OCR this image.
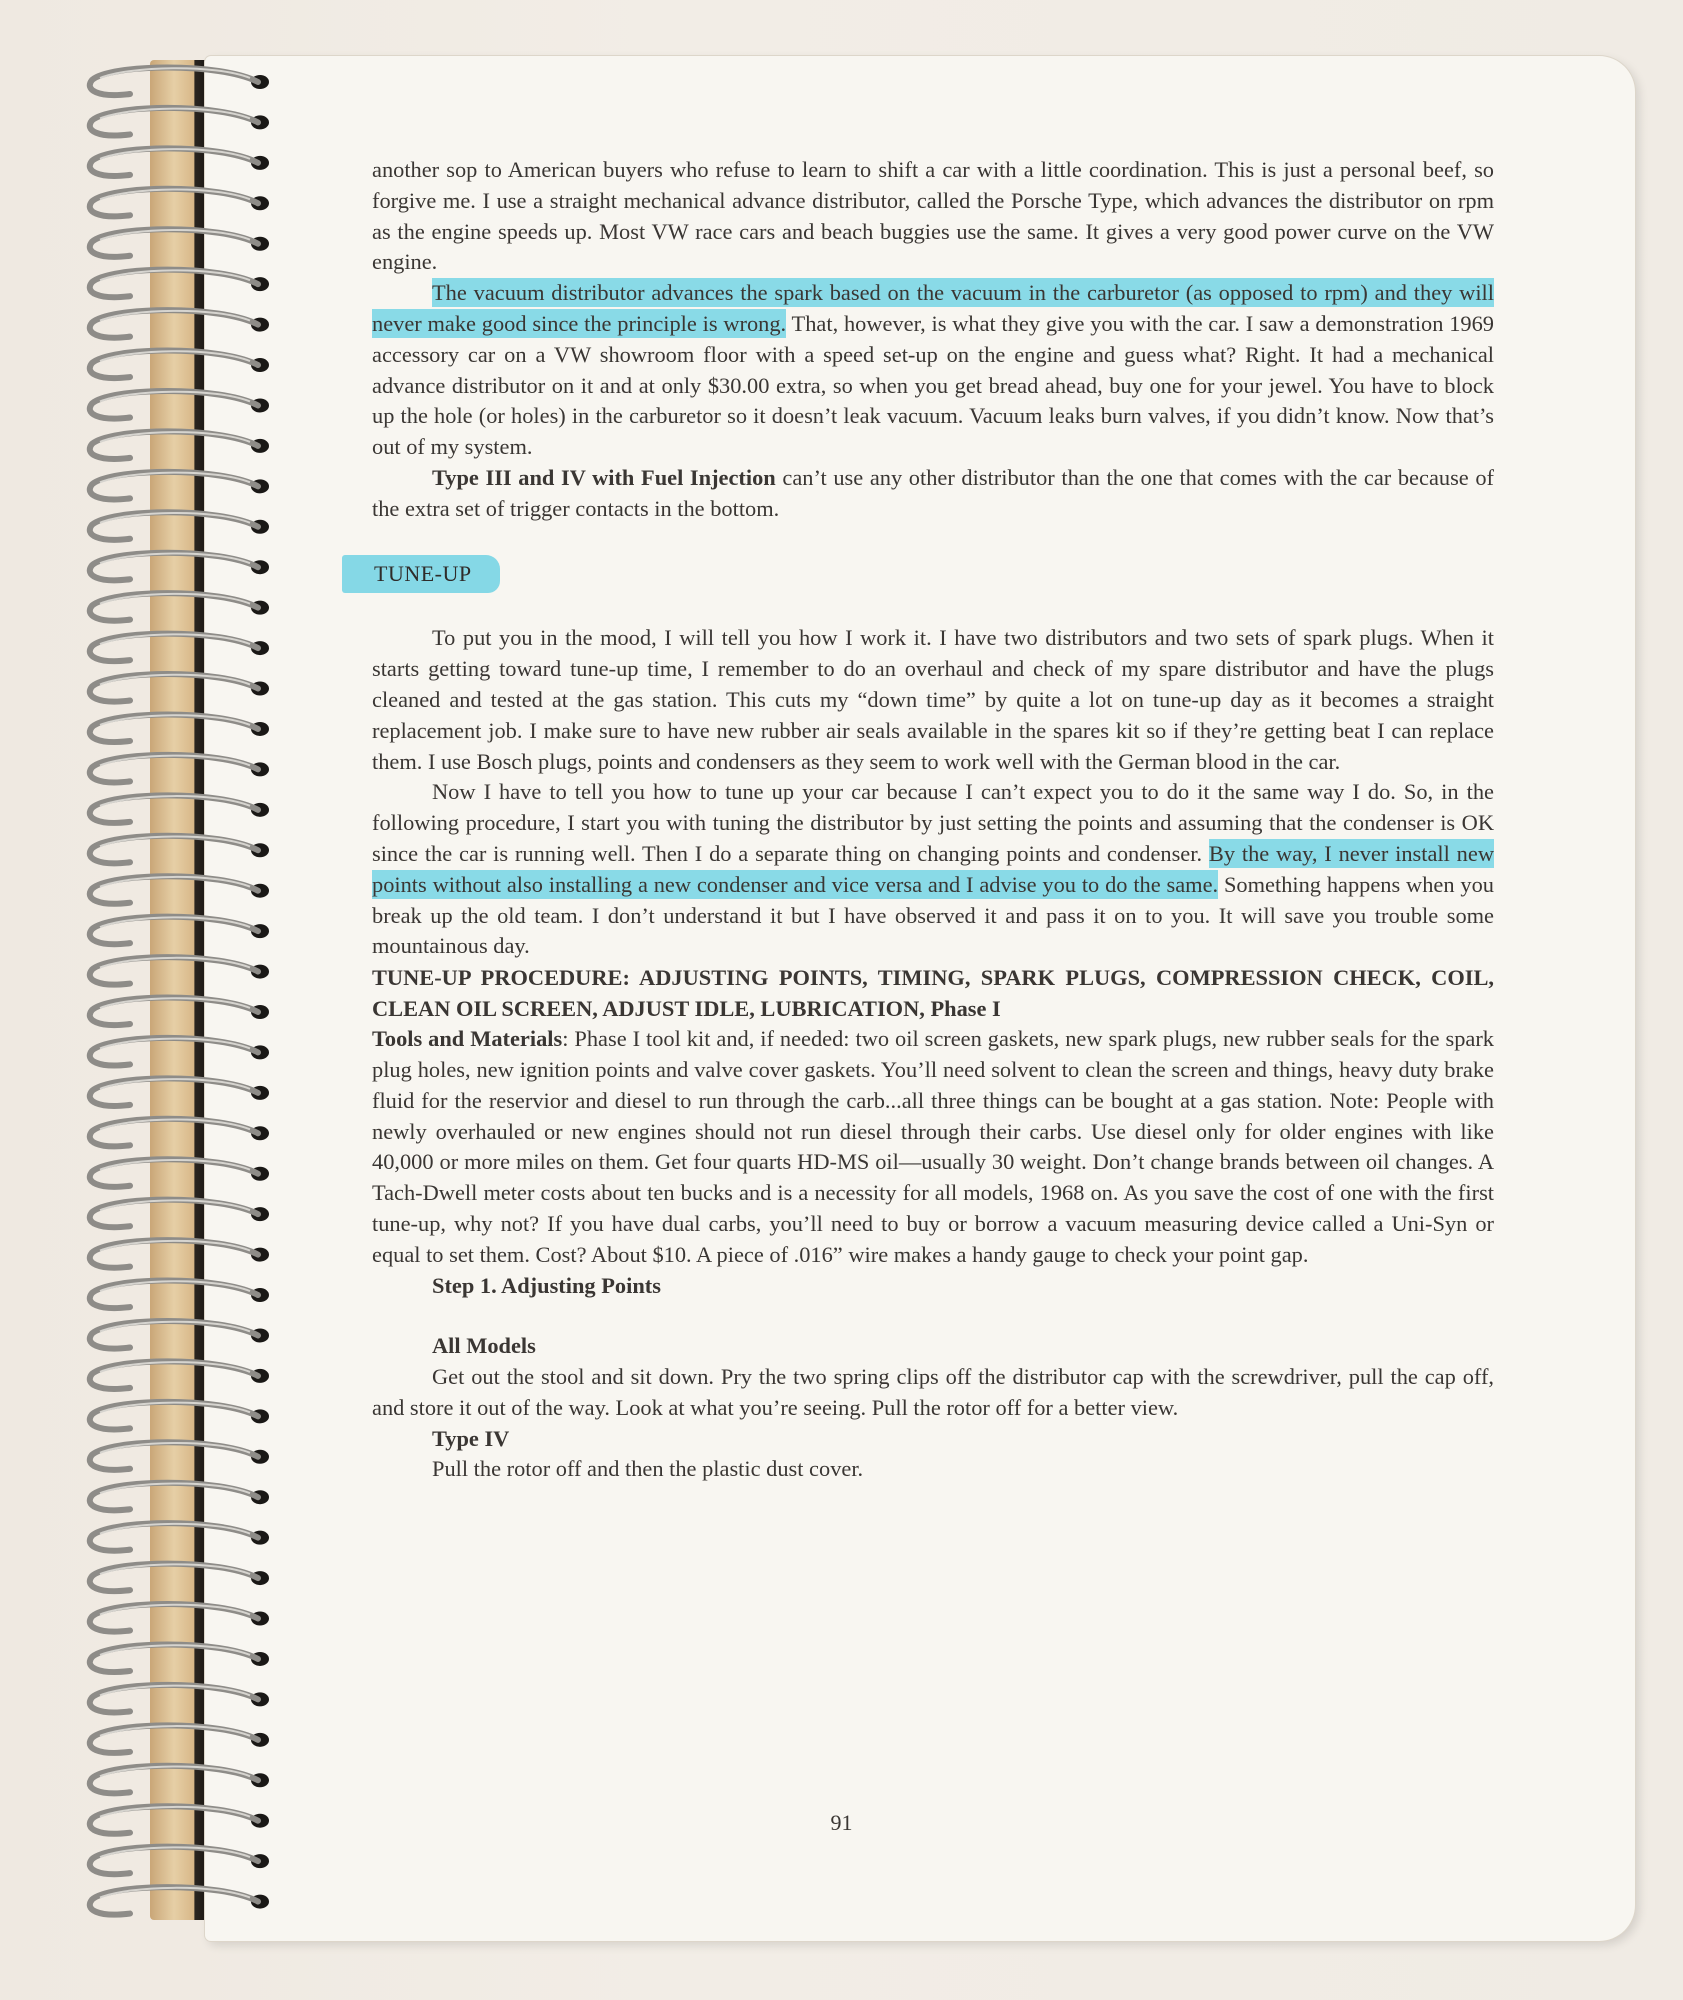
another sop to American buyers who refuse to learn to shift a car with a little coordination. This is just a personal beef, so forgive me. I use a straight mechanical advance distributor, called the Porsche Type, which advances the distributor on rpm as the engine speeds up. Most VW race cars and beach buggies use the same. It gives a very good power curve on the VW engine.

The vacuum distributor advances the spark based on the vacuum in the carburetor (as opposed to rpm) and they will never make good since the principle is wrong. That, however, is what they give you with the car. I saw a demonstration 1969 accessory car on a VW showroom floor with a speed set-up on the engine and guess what? Right. It had a mechanical advance distributor on it and at only $30.00 extra, so when you get bread ahead, buy one for your jewel. You have to block up the hole (or holes) in the carburetor so it doesn’t leak vacuum. Vacuum leaks burn valves, if you didn’t know. Now that’s out of my system.

Type III and IV with Fuel Injection can’t use any other distributor than the one that comes with the car because of the extra set of trigger contacts in the bottom.

TUNE-UP

To put you in the mood, I will tell you how I work it. I have two distributors and two sets of spark plugs. When it starts getting toward tune-up time, I remember to do an overhaul and check of my spare distributor and have the plugs cleaned and tested at the gas station. This cuts my “down time” by quite a lot on tune-up day as it becomes a straight replacement job. I make sure to have new rubber air seals available in the spares kit so if they’re getting beat I can replace them. I use Bosch plugs, points and condensers as they seem to work well with the German blood in the car.

Now I have to tell you how to tune up your car because I can’t expect you to do it the same way I do. So, in the following procedure, I start you with tuning the distributor by just setting the points and assuming that the condenser is OK since the car is running well. Then I do a separate thing on changing points and condenser. By the way, I never install new points without also installing a new condenser and vice versa and I advise you to do the same. Something happens when you break up the old team. I don’t understand it but I have observed it and pass it on to you. It will save you trouble some mountainous day.

TUNE-UP PROCEDURE: ADJUSTING POINTS, TIMING, SPARK PLUGS, COMPRESSION CHECK, COIL, CLEAN OIL SCREEN, ADJUST IDLE, LUBRICATION, Phase I

Tools and Materials: Phase I tool kit and, if needed: two oil screen gaskets, new spark plugs, new rubber seals for the spark plug holes, new ignition points and valve cover gaskets. You’ll need solvent to clean the screen and things, heavy duty brake fluid for the reservior and diesel to run through the carb...all three things can be bought at a gas station. Note: People with newly overhauled or new engines should not run diesel through their carbs. Use diesel only for older engines with like 40,000 or more miles on them. Get four quarts HD-MS oil—usually 30 weight. Don’t change brands between oil changes. A Tach-Dwell meter costs about ten bucks and is a necessity for all models, 1968 on. As you save the cost of one with the first tune-up, why not? If you have dual carbs, you’ll need to buy or borrow a vacuum measuring device called a Uni-Syn or equal to set them. Cost? About $10. A piece of .016” wire makes a handy gauge to check your point gap.

Step 1. Adjusting Points

All Models

Get out the stool and sit down. Pry the two spring clips off the distributor cap with the screwdriver, pull the cap off, and store it out of the way. Look at what you’re seeing. Pull the rotor off for a better view.

Type IV

Pull the rotor off and then the plastic dust cover.

91
